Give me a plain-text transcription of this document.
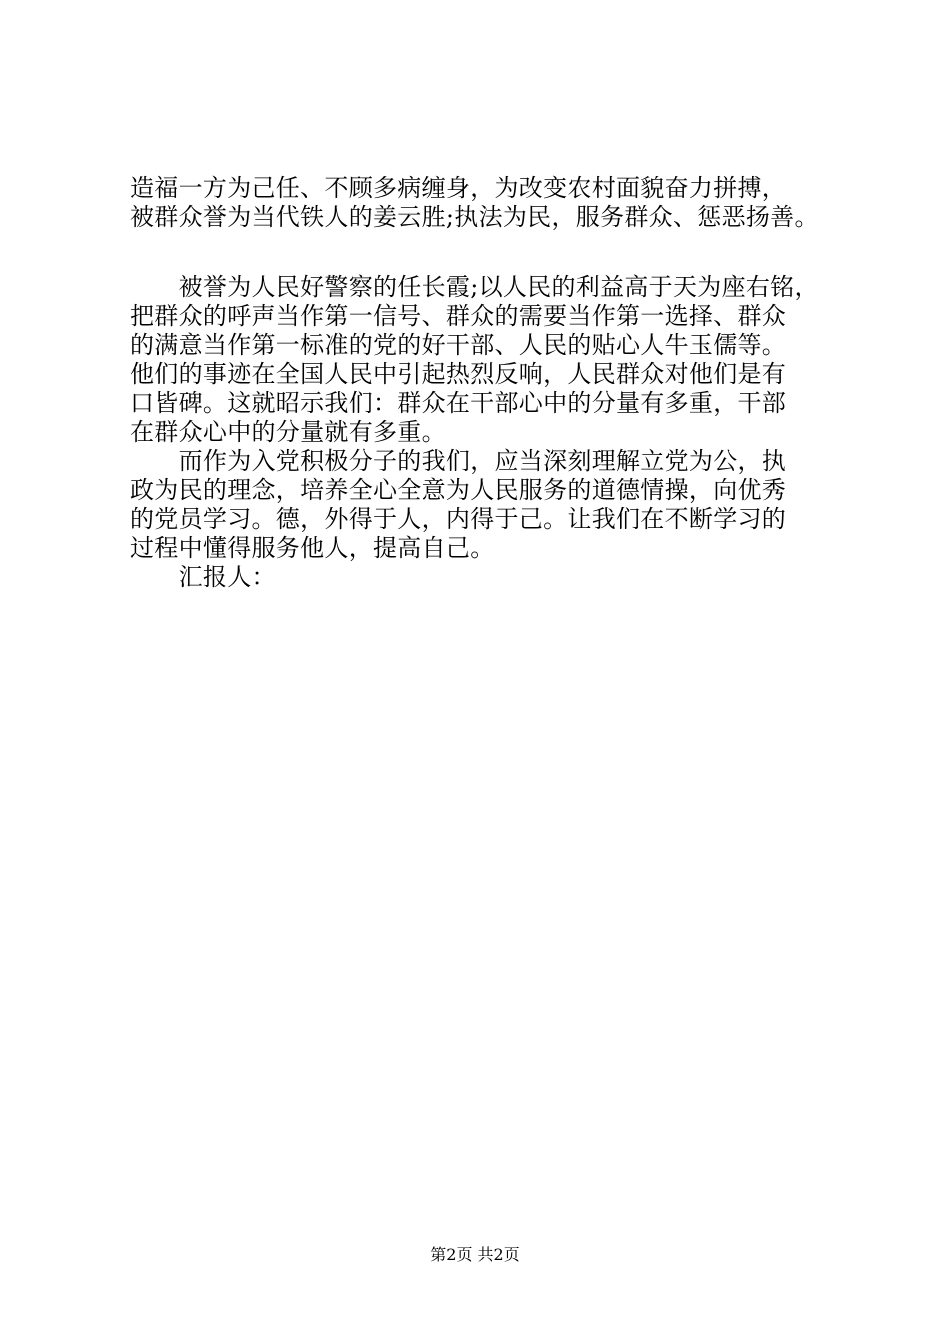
造福一方为己任、不顾多病缠身，为改变农村面貌奋力拼搏，
被群众誉为当代铁人的姜云胜;执法为民，服务群众、惩恶扬善。
　　被誉为人民好警察的任长霞;以人民的利益高于天为座右铭，
把群众的呼声当作第一信号、群众的需要当作第一选择、群众
的满意当作第一标准的党的好干部、人民的贴心人牛玉儒等。
他们的事迹在全国人民中引起热烈反响，人民群众对他们是有
口皆碑。这就昭示我们：群众在干部心中的分量有多重，干部
在群众心中的分量就有多重。
　　而作为入党积极分子的我们，应当深刻理解立党为公，执
政为民的理念，培养全心全意为人民服务的道德情操，向优秀
的党员学习。德，外得于人，内得于己。让我们在不断学习的
过程中懂得服务他人，提高自己。
　　汇报人：
第2页 共2页
